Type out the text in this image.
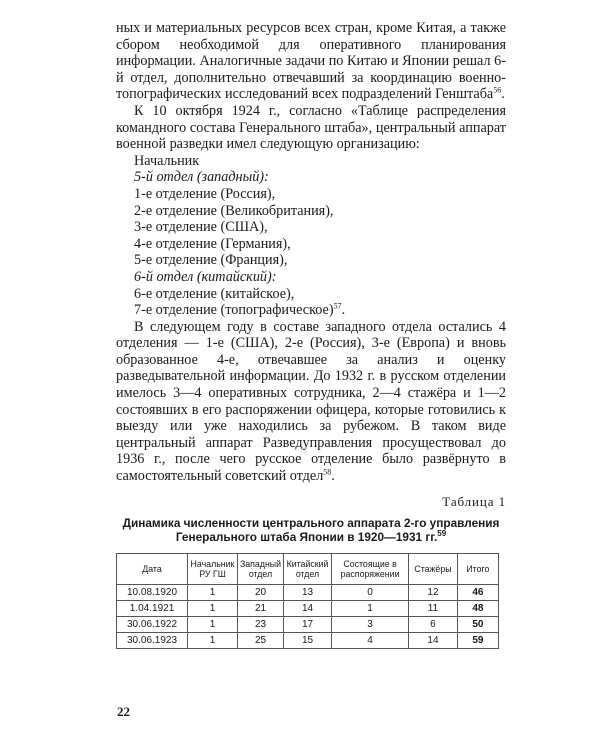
ных и материальных ресурсов всех стран, кроме Китая, а также сбором необходимой для оперативного планирования информации. Аналогичные задачи по Китаю и Японии решал 6-й отдел, дополнительно отвечавший за координацию военно-топографических исследований всех подразделений Генштаба$^{56}$.

К 10 октября 1924 г., согласно «Таблице распределения командного состава Генерального штаба», центральный аппарат военной разведки имел следующую организацию:

Начальник
5-й отдел (западный):
1-е отделение (Россия),
2-е отделение (Великобритания),
3-е отделение (США),
4-е отделение (Германия),
5-е отделение (Франция),
6-й отдел (китайский):
6-е отделение (китайское),
7-е отделение (топографическое)$^{57}$.

В следующем году в составе западного отдела остались 4 отделения — 1-е (США), 2-е (Россия), 3-е (Европа) и вновь образованное 4-е, отвечавшее за анализ и оценку разведывательной информации. До 1932 г. в русском отделении имелось 3—4 оперативных сотрудника, 2—4 стажёра и 1—2 состоявших в его распоряжении офицера, которые готовились к выезду или уже находились за рубежом. В таком виде центральный аппарат Разведуправления просуществовал до 1936 г., после чего русское отделение было развёрнуто в самостоятельный советский отдел$^{58}$.

Таблица 1
Динамика численности центрального аппарата 2-го управления
Генерального штаба Японии в 1920—1931 гг.$^{59}$
Дата	Начальник РУ ГШ	Западный отдел	Китайский отдел	Состоящие в распоряжении	Стажёры	Итого
10.08.1920	1	20	13	0	12	46
1.04.1921	1	21	14	1	11	48
30.06.1922	1	23	17	3	6	50
30.06.1923	1	25	15	4	14	59
22
